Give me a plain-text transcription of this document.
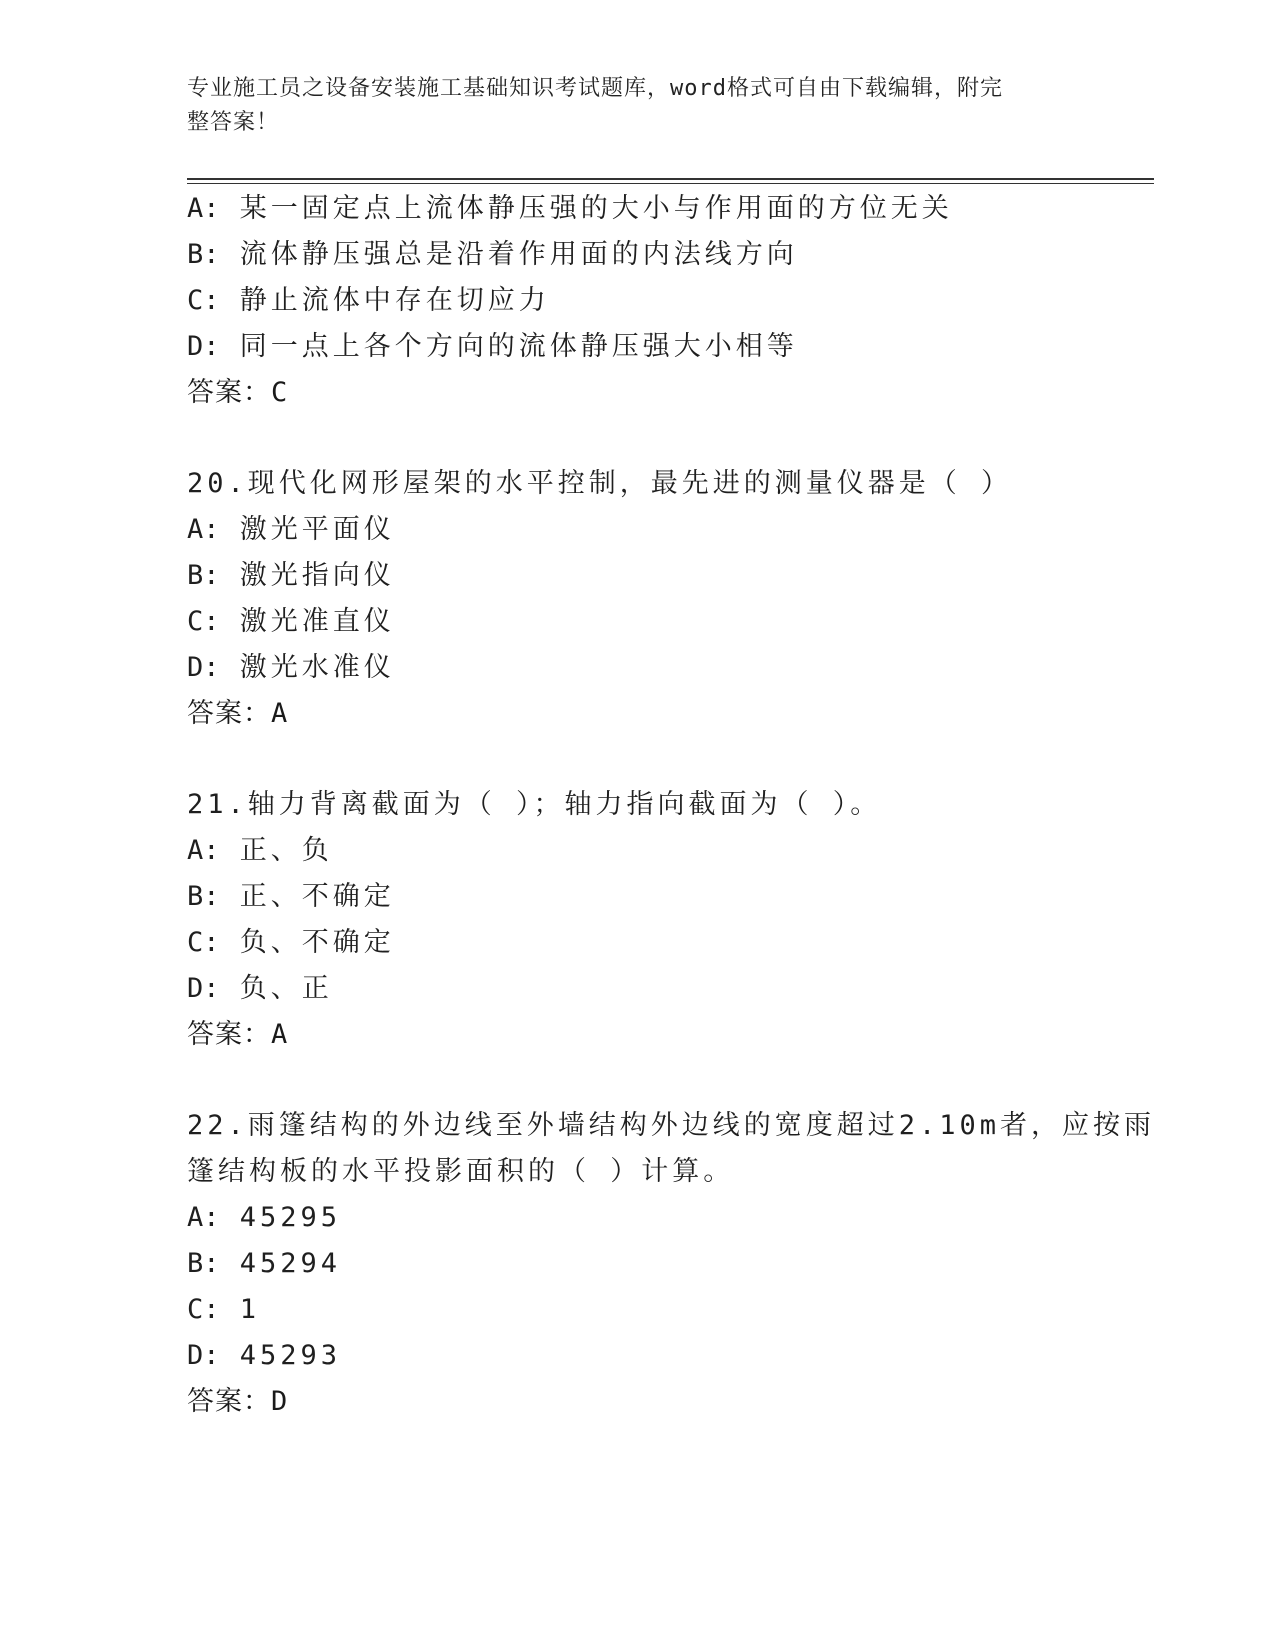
专业施工员之设备安装施工基础知识考试题库，word格式可自由下载编辑，附完
整答案！
A: 某一固定点上流体静压强的大小与作用面的方位无关
B: 流体静压强总是沿着作用面的内法线方向
C: 静止流体中存在切应力
D: 同一点上各个方向的流体静压强大小相等
答案：C
20.现代化网形屋架的水平控制，最先进的测量仪器是（ ）
A: 激光平面仪
B: 激光指向仪
C: 激光准直仪
D: 激光水准仪
答案：A
21.轴力背离截面为（ ）；轴力指向截面为（ ）。
A: 正、负
B: 正、不确定
C: 负、不确定
D: 负、正
答案：A
22.雨篷结构的外边线至外墙结构外边线的宽度超过2.10m者，应按雨
篷结构板的水平投影面积的（ ）计算。
A: 45295
B: 45294
C: 1
D: 45293
答案：D
